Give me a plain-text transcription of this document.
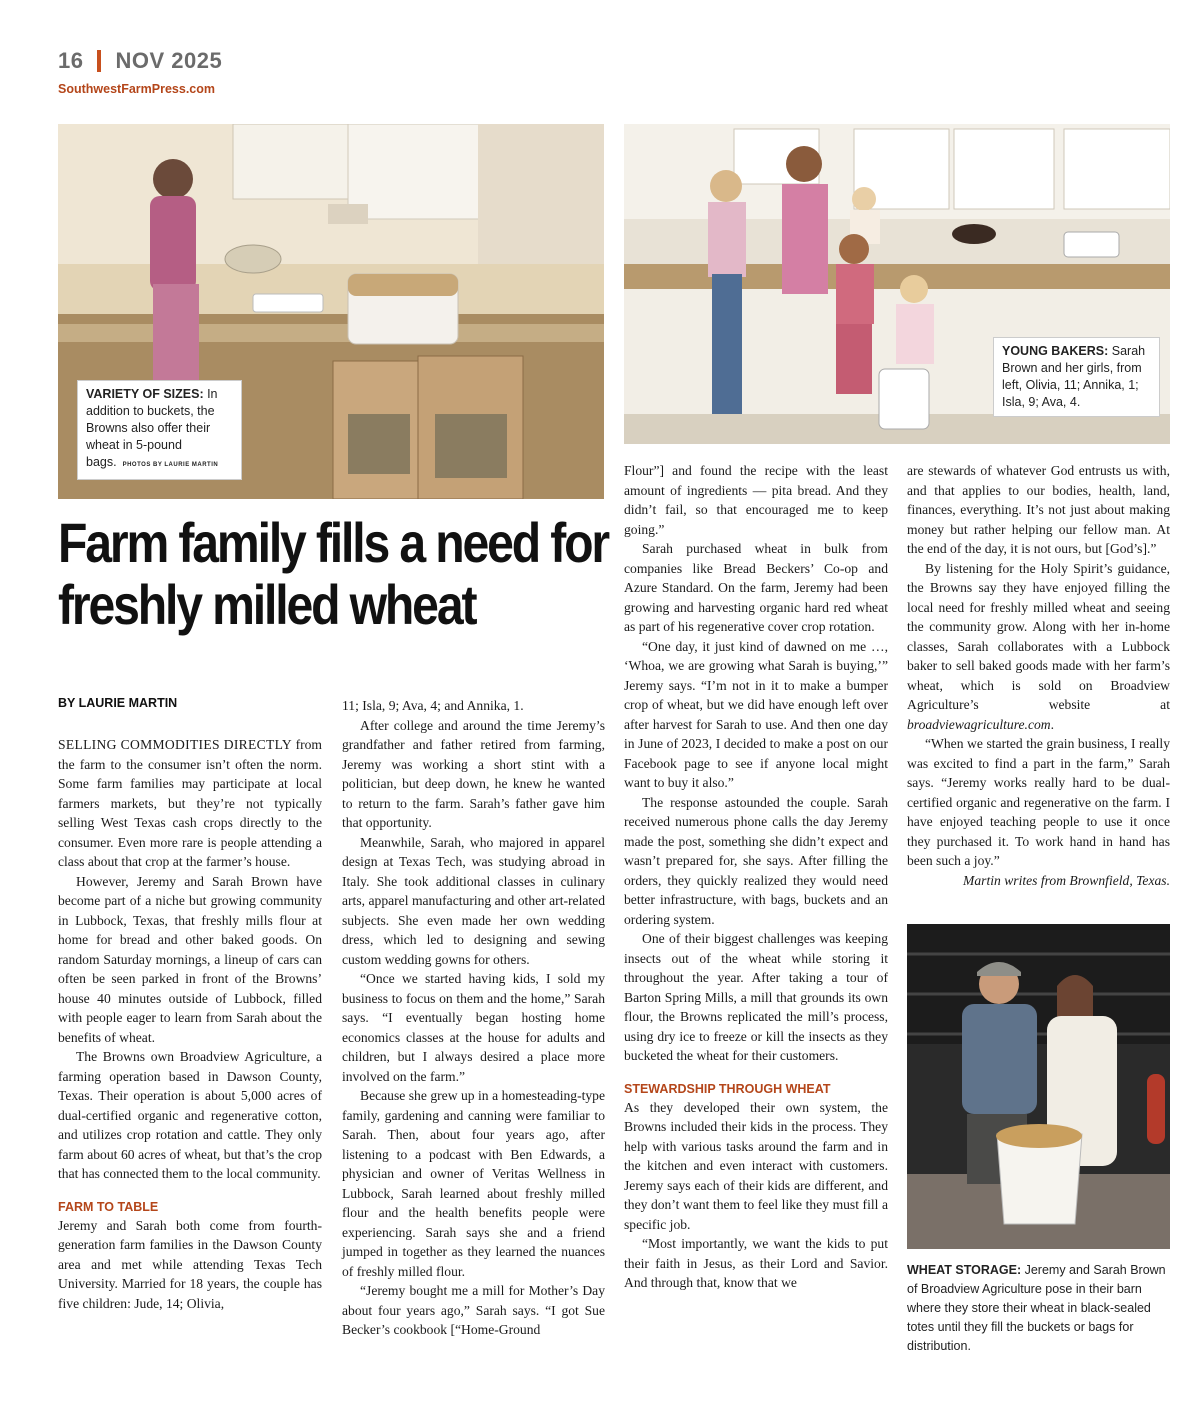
16 NOV 2025
SouthwestFarmPress.com
VARIETY OF SIZES: In addition to buckets, the Browns also offer their wheat in 5-pound bags. PHOTOS BY LAURIE MARTIN
YOUNG BAKERS: Sarah Brown and her girls, from left, Olivia, 11; Annika, 1; Isla, 9; Ava, 4.
Farm family fills a need for freshly milled wheat
BY LAURIE MARTIN

SELLING COMMODITIES DIRECTLY from the farm to the consumer isn’t often the norm. Some farm families may participate at local farmers markets, but they’re not typically selling West Texas cash crops directly to the consumer. Even more rare is people attending a class about that crop at the farmer’s house.

However, Jeremy and Sarah Brown have become part of a niche but growing community in Lubbock, Texas, that freshly mills flour at home for bread and other baked goods. On random Saturday mornings, a lineup of cars can often be seen parked in front of the Browns’ house 40 minutes outside of Lubbock, filled with people eager to learn from Sarah about the benefits of wheat.

The Browns own Broadview Agriculture, a farming operation based in Dawson County, Texas. Their operation is about 5,000 acres of dual-certified organic and regenerative cotton, and utilizes crop rotation and cattle. They only farm about 60 acres of wheat, but that’s the crop that has connected them to the local community.

FARM TO TABLE

Jeremy and Sarah both come from fourth-generation farm families in the Dawson County area and met while attending Texas Tech University. Married for 18 years, the couple has five children: Jude, 14; Olivia,

11; Isla, 9; Ava, 4; and Annika, 1.

After college and around the time Jeremy’s grandfather and father retired from farming, Jeremy was working a short stint with a politician, but deep down, he knew he wanted to return to the farm. Sarah’s father gave him that opportunity.

Meanwhile, Sarah, who majored in apparel design at Texas Tech, was studying abroad in Italy. She took additional classes in culinary arts, apparel manufacturing and other art-related subjects. She even made her own wedding dress, which led to designing and sewing custom wedding gowns for others.

“Once we started having kids, I sold my business to focus on them and the home,” Sarah says. “I eventually began hosting home economics classes at the house for adults and children, but I always desired a place more involved on the farm.”

Because she grew up in a homesteading-type family, gardening and canning were familiar to Sarah. Then, about four years ago, after listening to a podcast with Ben Edwards, a physician and owner of Veritas Wellness in Lubbock, Sarah learned about freshly milled flour and the health benefits people were experiencing. Sarah says she and a friend jumped in together as they learned the nuances of freshly milled flour.

“Jeremy bought me a mill for Mother’s Day about four years ago,” Sarah says. “I got Sue Becker’s cookbook [“Home-Ground

Flour”] and found the recipe with the least amount of ingredients — pita bread. And they didn’t fail, so that encouraged me to keep going.”

Sarah purchased wheat in bulk from companies like Bread Beckers’ Co-op and Azure Standard. On the farm, Jeremy had been growing and harvesting organic hard red wheat as part of his regenerative cover crop rotation.

“One day, it just kind of dawned on me …, ‘Whoa, we are growing what Sarah is buying,’” Jeremy says. “I’m not in it to make a bumper crop of wheat, but we did have enough left over after harvest for Sarah to use. And then one day in June of 2023, I decided to make a post on our Facebook page to see if anyone local might want to buy it also.”

The response astounded the couple. Sarah received numerous phone calls the day Jeremy made the post, something she didn’t expect and wasn’t prepared for, she says. After filling the orders, they quickly realized they would need better infrastructure, with bags, buckets and an ordering system.

One of their biggest challenges was keeping insects out of the wheat while storing it throughout the year. After taking a tour of Barton Spring Mills, a mill that grounds its own flour, the Browns replicated the mill’s process, using dry ice to freeze or kill the insects as they bucketed the wheat for their customers.

STEWARDSHIP THROUGH WHEAT

As they developed their own system, the Browns included their kids in the process. They help with various tasks around the farm and in the kitchen and even interact with customers. Jeremy says each of their kids are different, and they don’t want them to feel like they must fill a specific job.

“Most importantly, we want the kids to put their faith in Jesus, as their Lord and Savior. And through that, know that we

are stewards of whatever God entrusts us with, and that applies to our bodies, health, land, finances, everything. It’s not just about making money but rather helping our fellow man. At the end of the day, it is not ours, but [God’s].”

By listening for the Holy Spirit’s guidance, the Browns say they have enjoyed filling the local need for freshly milled wheat and seeing the community grow. Along with her in-home classes, Sarah collaborates with a Lubbock baker to sell baked goods made with her farm’s wheat, which is sold on Broadview Agriculture’s website at broadviewagriculture.com.

“When we started the grain business, I really was excited to find a part in the farm,” Sarah says. “Jeremy works really hard to be dual-certified organic and regenerative on the farm. I have enjoyed teaching people to use it once they purchased it. To work hand in hand has been such a joy.”

Martin writes from Brownfield, Texas.

WHEAT STORAGE: Jeremy and Sarah Brown of Broadview Agriculture pose in their barn where they store their wheat in black-sealed totes until they fill the buckets or bags for distribution.
